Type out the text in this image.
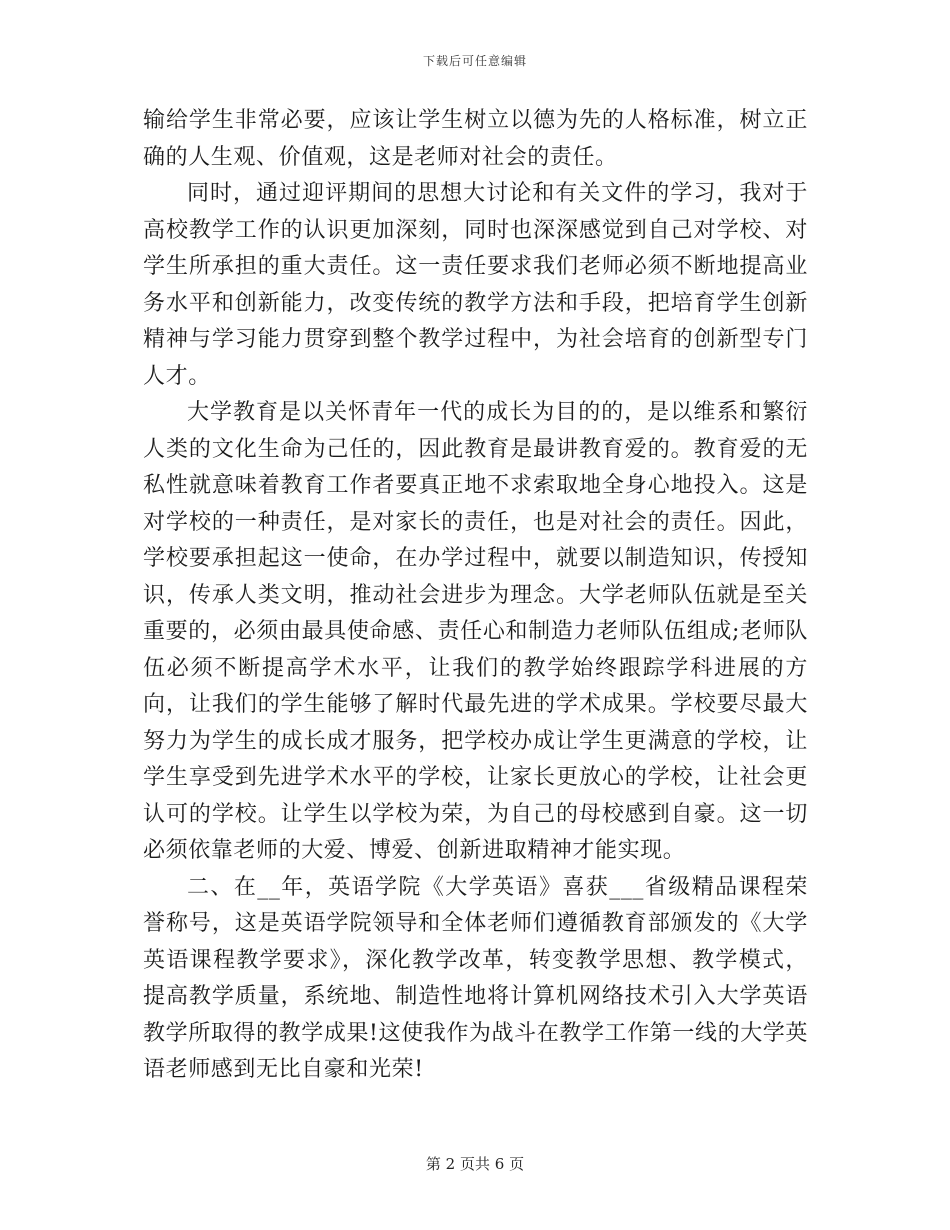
下载后可任意编辑

输给学生非常必要，应该让学生树立以德为先的人格标准，树立正确的人生观、价值观，这是老师对社会的责任。

同时，通过迎评期间的思想大讨论和有关文件的学习，我对于高校教学工作的认识更加深刻，同时也深深感觉到自己对学校、对学生所承担的重大责任。这一责任要求我们老师必须不断地提高业务水平和创新能力，改变传统的教学方法和手段，把培育学生创新精神与学习能力贯穿到整个教学过程中，为社会培育的创新型专门人才。

大学教育是以关怀青年一代的成长为目的的，是以维系和繁衍人类的文化生命为己任的，因此教育是最讲教育爱的。教育爱的无私性就意味着教育工作者要真正地不求索取地全身心地投入。这是对学校的一种责任，是对家长的责任，也是对社会的责任。因此，学校要承担起这一使命，在办学过程中，就要以制造知识，传授知识，传承人类文明，推动社会进步为理念。大学老师队伍就是至关重要的，必须由最具使命感、责任心和制造力老师队伍组成;老师队伍必须不断提高学术水平，让我们的教学始终跟踪学科进展的方向，让我们的学生能够了解时代最先进的学术成果。学校要尽最大努力为学生的成长成才服务，把学校办成让学生更满意的学校，让学生享受到先进学术水平的学校，让家长更放心的学校，让社会更认可的学校。让学生以学校为荣，为自己的母校感到自豪。这一切必须依靠老师的大爱、博爱、创新进取精神才能实现。

二、在__年，英语学院《大学英语》喜获___省级精品课程荣誉称号，这是英语学院领导和全体老师们遵循教育部颁发的《大学英语课程教学要求》，深化教学改革，转变教学思想、教学模式，提高教学质量，系统地、制造性地将计算机网络技术引入大学英语教学所取得的教学成果!这使我作为战斗在教学工作第一线的大学英语老师感到无比自豪和光荣!

第 2 页共 6 页
